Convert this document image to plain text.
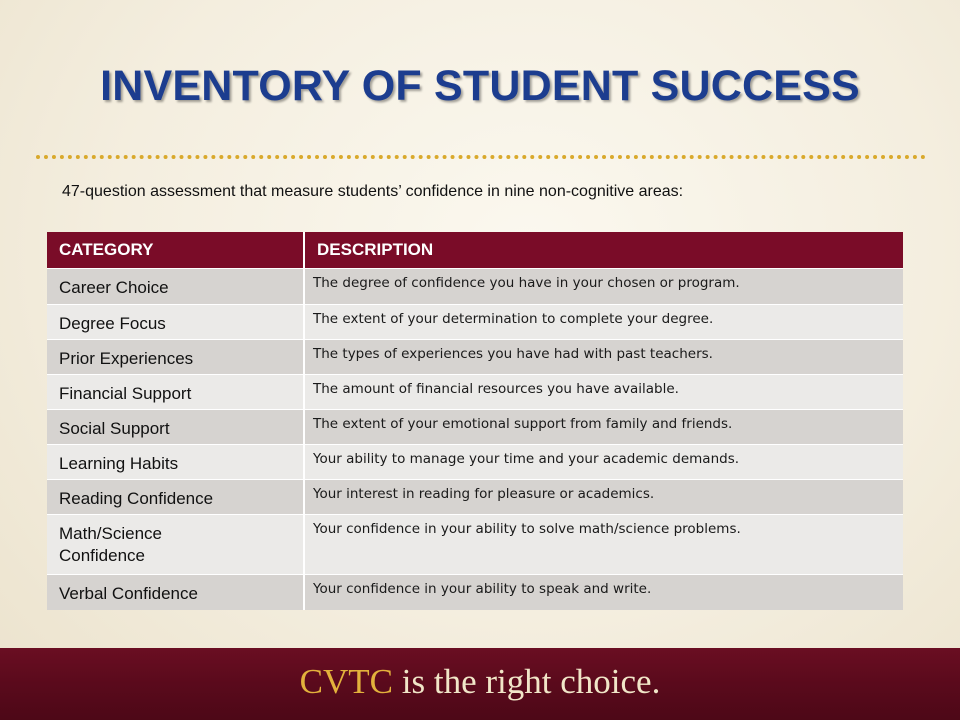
INVENTORY OF STUDENT SUCCESS
47-question assessment that measure students’ confidence in nine non-cognitive areas:
CATEGORY	DESCRIPTION

Career Choice	The degree of confidence you have in your chosen or program.

Degree Focus	The extent of your determination to complete your degree.

Prior Experiences	The types of experiences you have had with past teachers.

Financial Support	The amount of financial resources you have available.

Social Support	The extent of your emotional support from family and friends.

Learning Habits	Your ability to manage your time and your academic demands.

Reading Confidence	Your interest in reading for pleasure or academics.

Math/Science Confidence	Your confidence in your ability to solve math/science problems.

Verbal Confidence	Your confidence in your ability to speak and write.
CVTC is the right choice.
